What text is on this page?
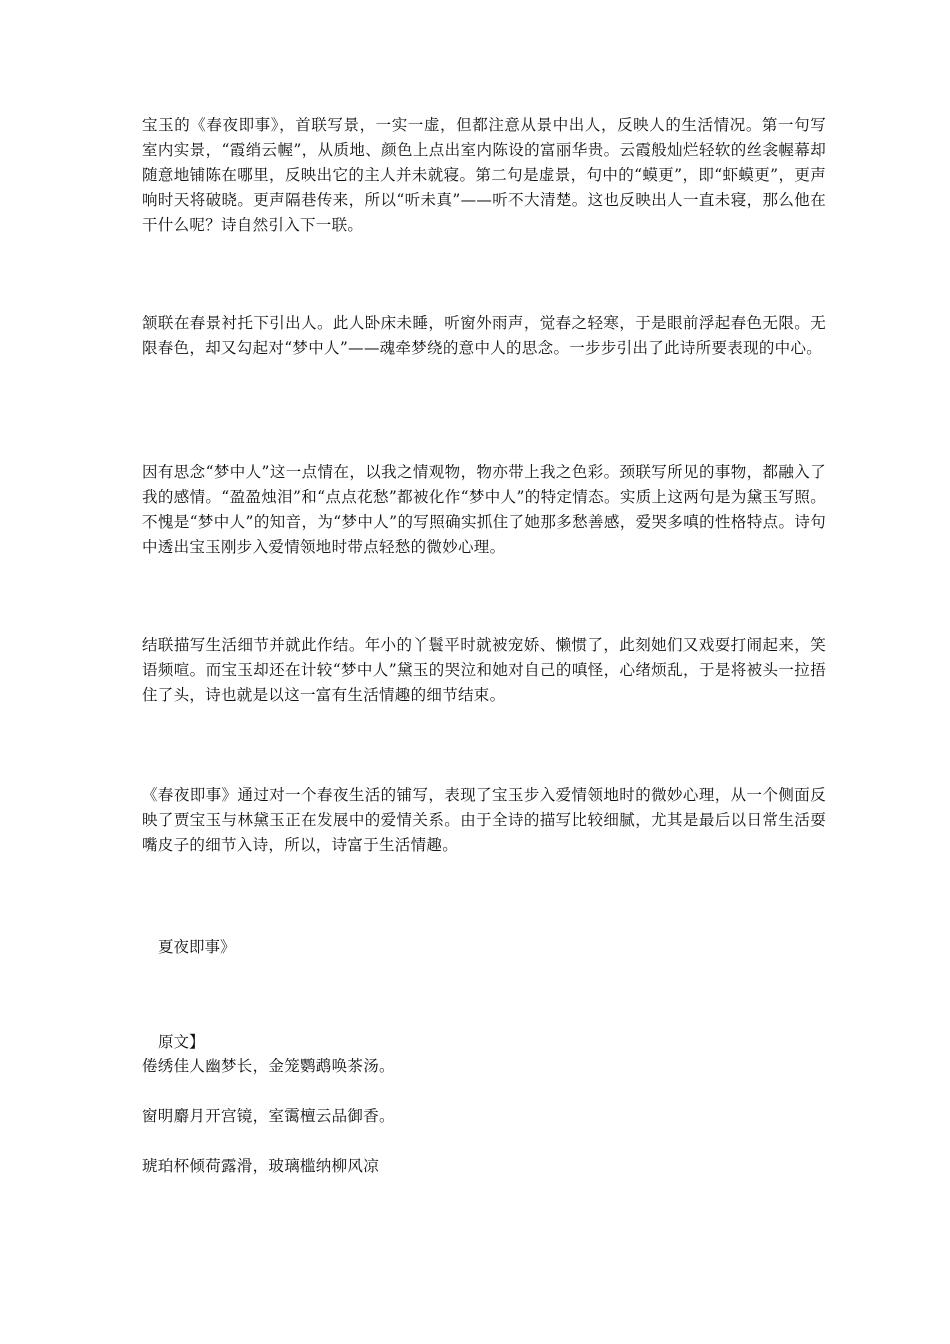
宝玉的《春夜即事》，首联写景，一实一虚，但都注意从景中出人，反映人的生活情况。第一句写室内实景，“霞绡云幄”，从质地、颜色上点出室内陈设的富丽华贵。云霞般灿烂轻软的丝衾幄幕却随意地铺陈在哪里，反映出它的主人并未就寝。第二句是虚景，句中的“蟆更”，即“虾蟆更”，更声响时天将破晓。更声隔巷传来，所以“听未真”——听不大清楚。这也反映出人一直未寝，那么他在干什么呢？诗自然引入下一联。

颔联在春景衬托下引出人。此人卧床未睡，听窗外雨声，觉春之轻寒，于是眼前浮起春色无限。无限春色，却又勾起对“梦中人”——魂牵梦绕的意中人的思念。一步步引出了此诗所要表现的中心。

因有思念“梦中人”这一点情在，以我之情观物，物亦带上我之色彩。颈联写所见的事物，都融入了我的感情。“盈盈烛泪”和“点点花愁”都被化作“梦中人”的特定情态。实质上这两句是为黛玉写照。不愧是“梦中人”的知音，为“梦中人”的写照确实抓住了她那多愁善感，爱哭多嗔的性格特点。诗句中透出宝玉刚步入爱情领地时带点轻愁的微妙心理。

结联描写生活细节并就此作结。年小的丫鬟平时就被宠娇、懒惯了，此刻她们又戏耍打闹起来，笑语频喧。而宝玉却还在计较“梦中人”黛玉的哭泣和她对自己的嗔怪，心绪烦乱，于是将被头一拉捂住了头，诗也就是以这一富有生活情趣的细节结束。

《春夜即事》通过对一个春夜生活的铺写，表现了宝玉步入爱情领地时的微妙心理，从一个侧面反映了贾宝玉与林黛玉正在发展中的爱情关系。由于全诗的描写比较细腻，尤其是最后以日常生活耍嘴皮子的细节入诗，所以，诗富于生活情趣。

夏夜即事》

原文】

倦绣佳人幽梦长，金笼鹦鹉唤茶汤。

窗明麝月开宫镜，室霭檀云品御香。

琥珀杯倾荷露滑，玻璃槛纳柳风凉
